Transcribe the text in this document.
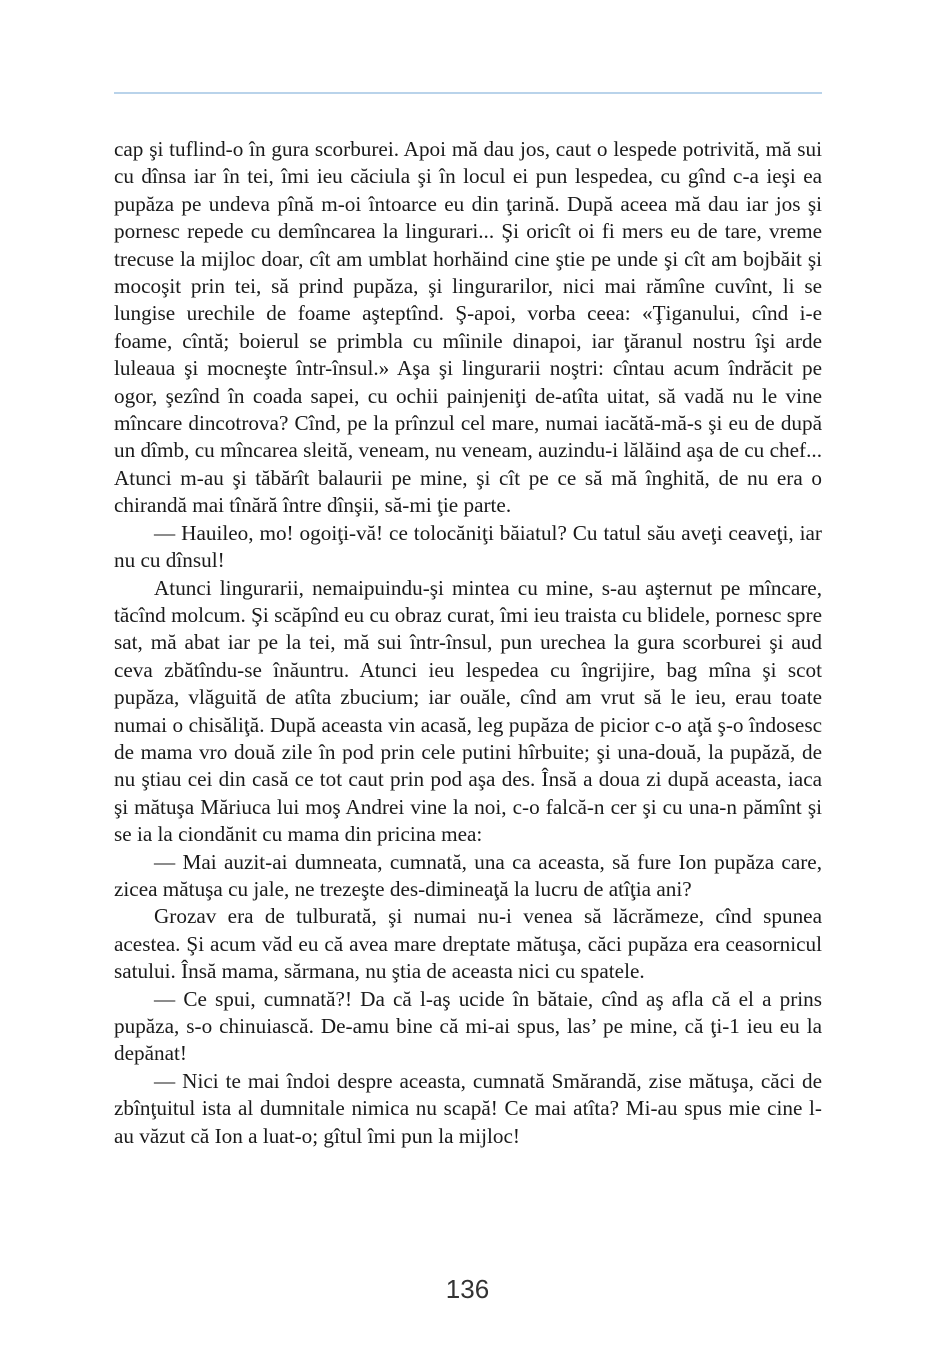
cap şi tuflind-o în gura scorburei. Apoi mă dau jos, caut o lespede potrivită, mă sui cu dînsa iar în tei, îmi ieu căciula şi în locul ei pun lespedea, cu gînd c-a ieşi ea pupăza pe undeva pînă m-oi întoarce eu din ţarină. După aceea mă dau iar jos şi pornesc repede cu demîncarea la lingurari... Şi oricît oi fi mers eu de tare, vreme trecuse la mijloc doar, cît am umblat horhăind cine ştie pe unde şi cît am bojbăit şi mocoşit prin tei, să prind pupăza, şi lingurarilor, nici mai rămîne cuvînt, li se lungise urechile de foame aşteptînd. Ş-apoi, vorba ceea: «Ţiganului, cînd i-e foame, cîntă; boierul se primbla cu mîinile dinapoi, iar ţăranul nostru îşi arde luleaua şi mocneşte într-însul.» Aşa şi lingurarii noştri: cîntau acum îndrăcit pe ogor, şezînd în coada sapei, cu ochii painjeniţi de-atîta uitat, să vadă nu le vine mîncare dincotrova? Cînd, pe la prînzul cel mare, numai iacătă-mă-s şi eu de după un dîmb, cu mîncarea sleită, veneam, nu veneam, auzindu-i lălăind aşa de cu chef... Atunci m-au şi tăbărît balaurii pe mine, şi cît pe ce să mă înghită, de nu era o chirandă mai tînără între dînşii, să-mi ţie parte.

— Hauileo, mo! ogoiţi-vă! ce tolocăniţi băiatul? Cu tatul său aveţi ceaveţi, iar nu cu dînsul!

Atunci lingurarii, nemaipuindu-şi mintea cu mine, s-au aşternut pe mîncare, tăcînd molcum. Şi scăpînd eu cu obraz curat, îmi ieu traista cu blidele, pornesc spre sat, mă abat iar pe la tei, mă sui într-însul, pun urechea la gura scorburei şi aud ceva zbătîndu-se înăuntru. Atunci ieu lespedea cu îngrijire, bag mîna şi scot pupăza, vlăguită de atîta zbucium; iar ouăle, cînd am vrut să le ieu, erau toate numai o chisăliţă. După aceasta vin acasă, leg pupăza de picior c-o aţă ş-o îndosesc de mama vro două zile în pod prin cele putini hîrbuite; şi una-două, la pupăză, de nu ştiau cei din casă ce tot caut prin pod aşa des. Însă a doua zi după aceasta, iaca şi mătuşa Măriuca lui moş Andrei vine la noi, c-o falcă-n cer şi cu una-n pămînt şi se ia la ciondănit cu mama din pricina mea:

— Mai auzit-ai dumneata, cumnată, una ca aceasta, să fure Ion pupăza care, zicea mătuşa cu jale, ne trezeşte des-dimineaţă la lucru de atîţia ani?

Grozav era de tulburată, şi numai nu-i venea să lăcrămeze, cînd spunea acestea. Şi acum văd eu că avea mare dreptate mătuşa, căci pupăza era ceasornicul satului. Însă mama, sărmana, nu ştia de aceasta nici cu spatele.

— Ce spui, cumnată?! Da că l-aş ucide în bătaie, cînd aş afla că el a prins pupăza, s-o chinuiască. De-amu bine că mi-ai spus, las’ pe mine, că ţi-1 ieu eu la depănat!

— Nici te mai îndoi despre aceasta, cumnată Smărandă, zise mătuşa, căci de zbînţuitul ista al dumnitale nimica nu scapă! Ce mai atîta? Mi-au spus mie cine l-au văzut că Ion a luat-o; gîtul îmi pun la mijloc!

136
